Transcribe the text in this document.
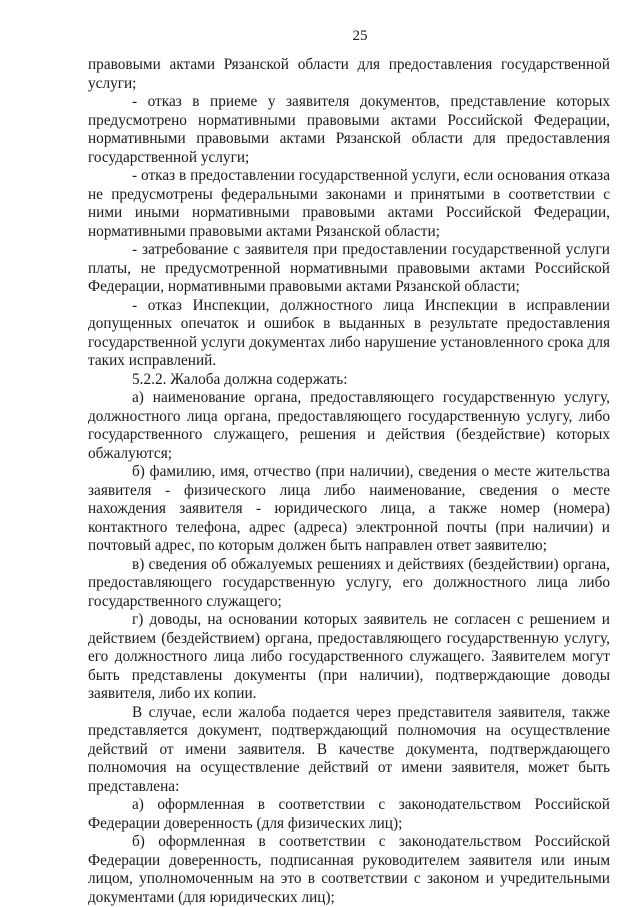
25

правовыми актами Рязанской области для предоставления государственной услуги;

- отказ в приеме у заявителя документов, представление которых предусмотрено нормативными правовыми актами Российской Федерации, нормативными правовыми актами Рязанской области для предоставления государственной услуги;

- отказ в предоставлении государственной услуги, если основания отказа не предусмотрены федеральными законами и принятыми в соответствии с ними иными нормативными правовыми актами Российской Федерации, нормативными правовыми актами Рязанской области;

- затребование с заявителя при предоставлении государственной услуги платы, не предусмотренной нормативными правовыми актами Российской Федерации, нормативными правовыми актами Рязанской области;

- отказ Инспекции, должностного лица Инспекции в исправлении допущенных опечаток и ошибок в выданных в результате предоставления государственной услуги документах либо нарушение установленного срока для таких исправлений.

5.2.2. Жалоба должна содержать:

а) наименование органа, предоставляющего государственную услугу, должностного лица органа, предоставляющего государственную услугу, либо государственного служащего, решения и действия (бездействие) которых обжалуются;

б) фамилию, имя, отчество (при наличии), сведения о месте жительства заявителя - физического лица либо наименование, сведения о месте нахождения заявителя - юридического лица, а также номер (номера) контактного телефона, адрес (адреса) электронной почты (при наличии) и почтовый адрес, по которым должен быть направлен ответ заявителю;

в) сведения об обжалуемых решениях и действиях (бездействии) органа, предоставляющего государственную услугу, его должностного лица либо государственного служащего;

г) доводы, на основании которых заявитель не согласен с решением и действием (бездействием) органа, предоставляющего государственную услугу, его должностного лица либо государственного служащего. Заявителем могут быть представлены документы (при наличии), подтверждающие доводы заявителя, либо их копии.

В случае, если жалоба подается через представителя заявителя, также представляется документ, подтверждающий полномочия на осуществление действий от имени заявителя. В качестве документа, подтверждающего полномочия на осуществление действий от имени заявителя, может быть представлена:

а) оформленная в соответствии с законодательством Российской Федерации доверенность (для физических лиц);

б) оформленная в соответствии с законодательством Российской Федерации доверенность, подписанная руководителем заявителя или иным лицом, уполномоченным на это в соответствии с законом и учредительными документами (для юридических лиц);
